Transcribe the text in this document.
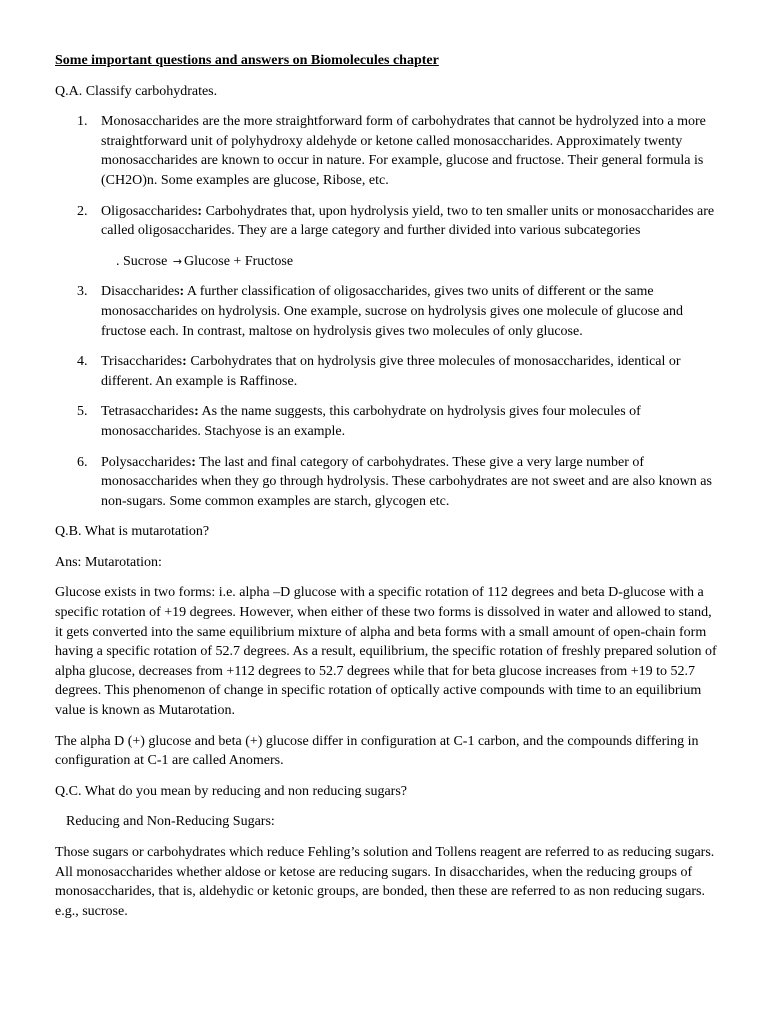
Some important questions and answers on Biomolecules chapter

Q.A. Classify carbohydrates.

1. Monosaccharides are the more straightforward form of carbohydrates that cannot be hydrolyzed into a more straightforward unit of polyhydroxy aldehyde or ketone called monosaccharides. Approximately twenty monosaccharides are known to occur in nature. For example, glucose and fructose. Their general formula is (CH2O)n. Some examples are glucose, Ribose, etc.
2. Oligosaccharides: Carbohydrates that, upon hydrolysis yield, two to ten smaller units or monosaccharides are called oligosaccharides. They are a large category and further divided into various subcategories

. Sucrose → Glucose + Fructose

3. Disaccharides: A further classification of oligosaccharides, gives two units of different or the same monosaccharides on hydrolysis. One example, sucrose on hydrolysis gives one molecule of glucose and fructose each. In contrast, maltose on hydrolysis gives two molecules of only glucose.
4. Trisaccharides: Carbohydrates that on hydrolysis give three molecules of monosaccharides, identical or different. An example is Raffinose.
5. Tetrasaccharides: As the name suggests, this carbohydrate on hydrolysis gives four molecules of monosaccharides. Stachyose is an example.
6. Polysaccharides: The last and final category of carbohydrates. These give a very large number of monosaccharides when they go through hydrolysis. These carbohydrates are not sweet and are also known as non-sugars. Some common examples are starch, glycogen etc.

Q.B. What is mutarotation?

Ans: Mutarotation:

Glucose exists in two forms: i.e. alpha –D glucose with a specific rotation of 112 degrees and beta D-glucose with a specific rotation of +19 degrees. However, when either of these two forms is dissolved in water and allowed to stand, it gets converted into the same equilibrium mixture of alpha and beta forms with a small amount of open-chain form having a specific rotation of 52.7 degrees. As a result, equilibrium, the specific rotation of freshly prepared solution of alpha glucose, decreases from +112 degrees to 52.7 degrees while that for beta glucose increases from +19 to 52.7 degrees. This phenomenon of change in specific rotation of optically active compounds with time to an equilibrium value is known as Mutarotation.

The alpha D (+) glucose and beta (+) glucose differ in configuration at C-1 carbon, and the compounds differing in configuration at C-1 are called Anomers.

Q.C. What do you mean by reducing and non reducing sugars?

Reducing and Non-Reducing Sugars:

Those sugars or carbohydrates which reduce Fehling’s solution and Tollens reagent are referred to as reducing sugars. All monosaccharides whether aldose or ketose are reducing sugars. In disaccharides, when the reducing groups of monosaccharides, that is, aldehydic or ketonic groups, are bonded, then these are referred to as non reducing sugars. e.g., sucrose.
